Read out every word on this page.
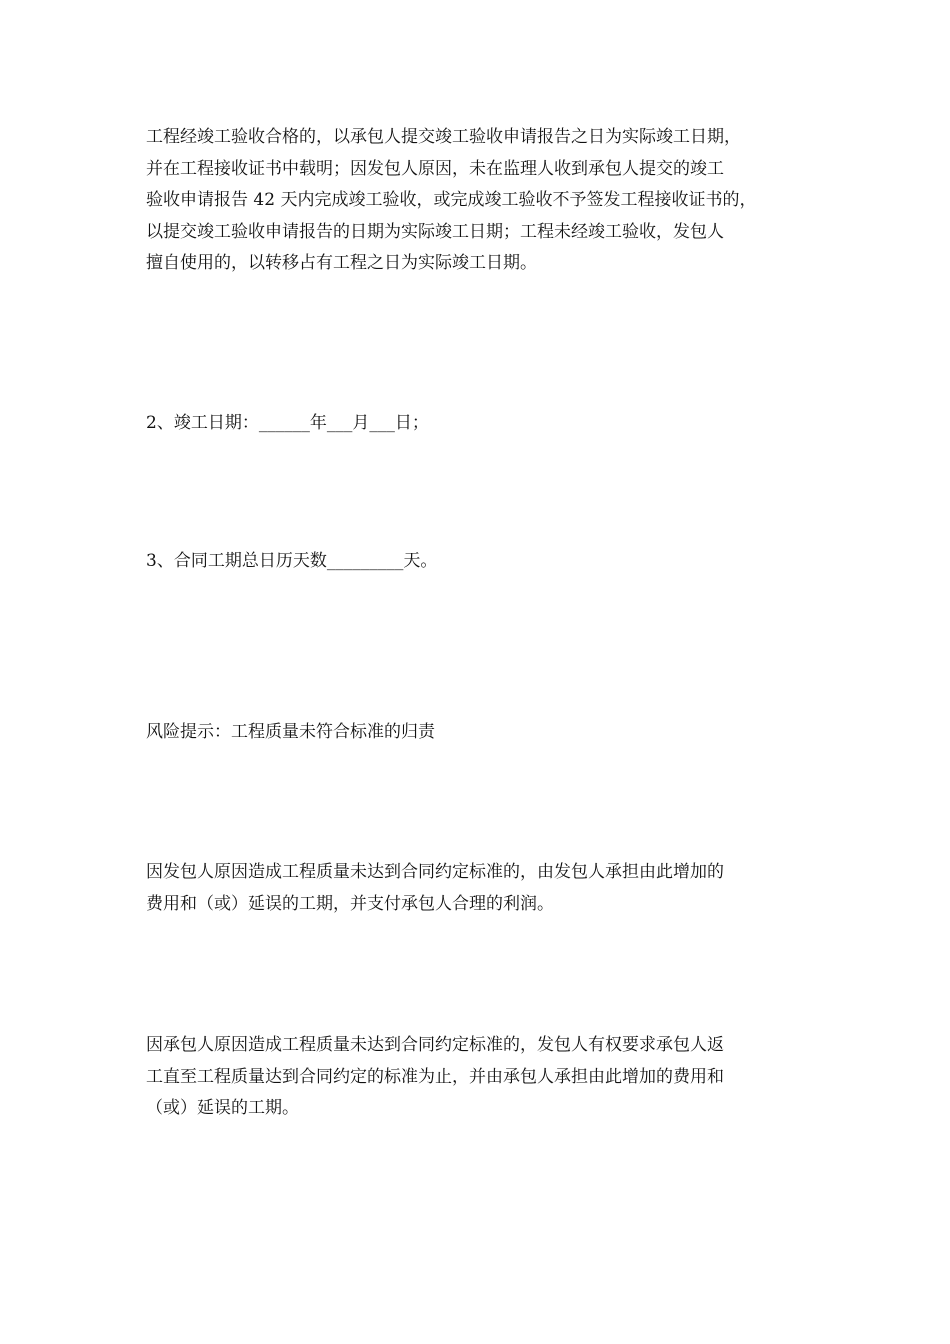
工程经竣工验收合格的，以承包人提交竣工验收申请报告之日为实际竣工日期，
并在工程接收证书中载明；因发包人原因，未在监理人收到承包人提交的竣工
验收申请报告 42 天内完成竣工验收，或完成竣工验收不予签发工程接收证书的，
以提交竣工验收申请报告的日期为实际竣工日期；工程未经竣工验收，发包人
擅自使用的，以转移占有工程之日为实际竣工日期。

2、竣工日期：______年___月___日；

3、合同工期总日历天数_________天。

风险提示：工程质量未符合标准的归责

因发包人原因造成工程质量未达到合同约定标准的，由发包人承担由此增加的
费用和（或）延误的工期，并支付承包人合理的利润。

因承包人原因造成工程质量未达到合同约定标准的，发包人有权要求承包人返
工直至工程质量达到合同约定的标准为止，并由承包人承担由此增加的费用和
（或）延误的工期。
